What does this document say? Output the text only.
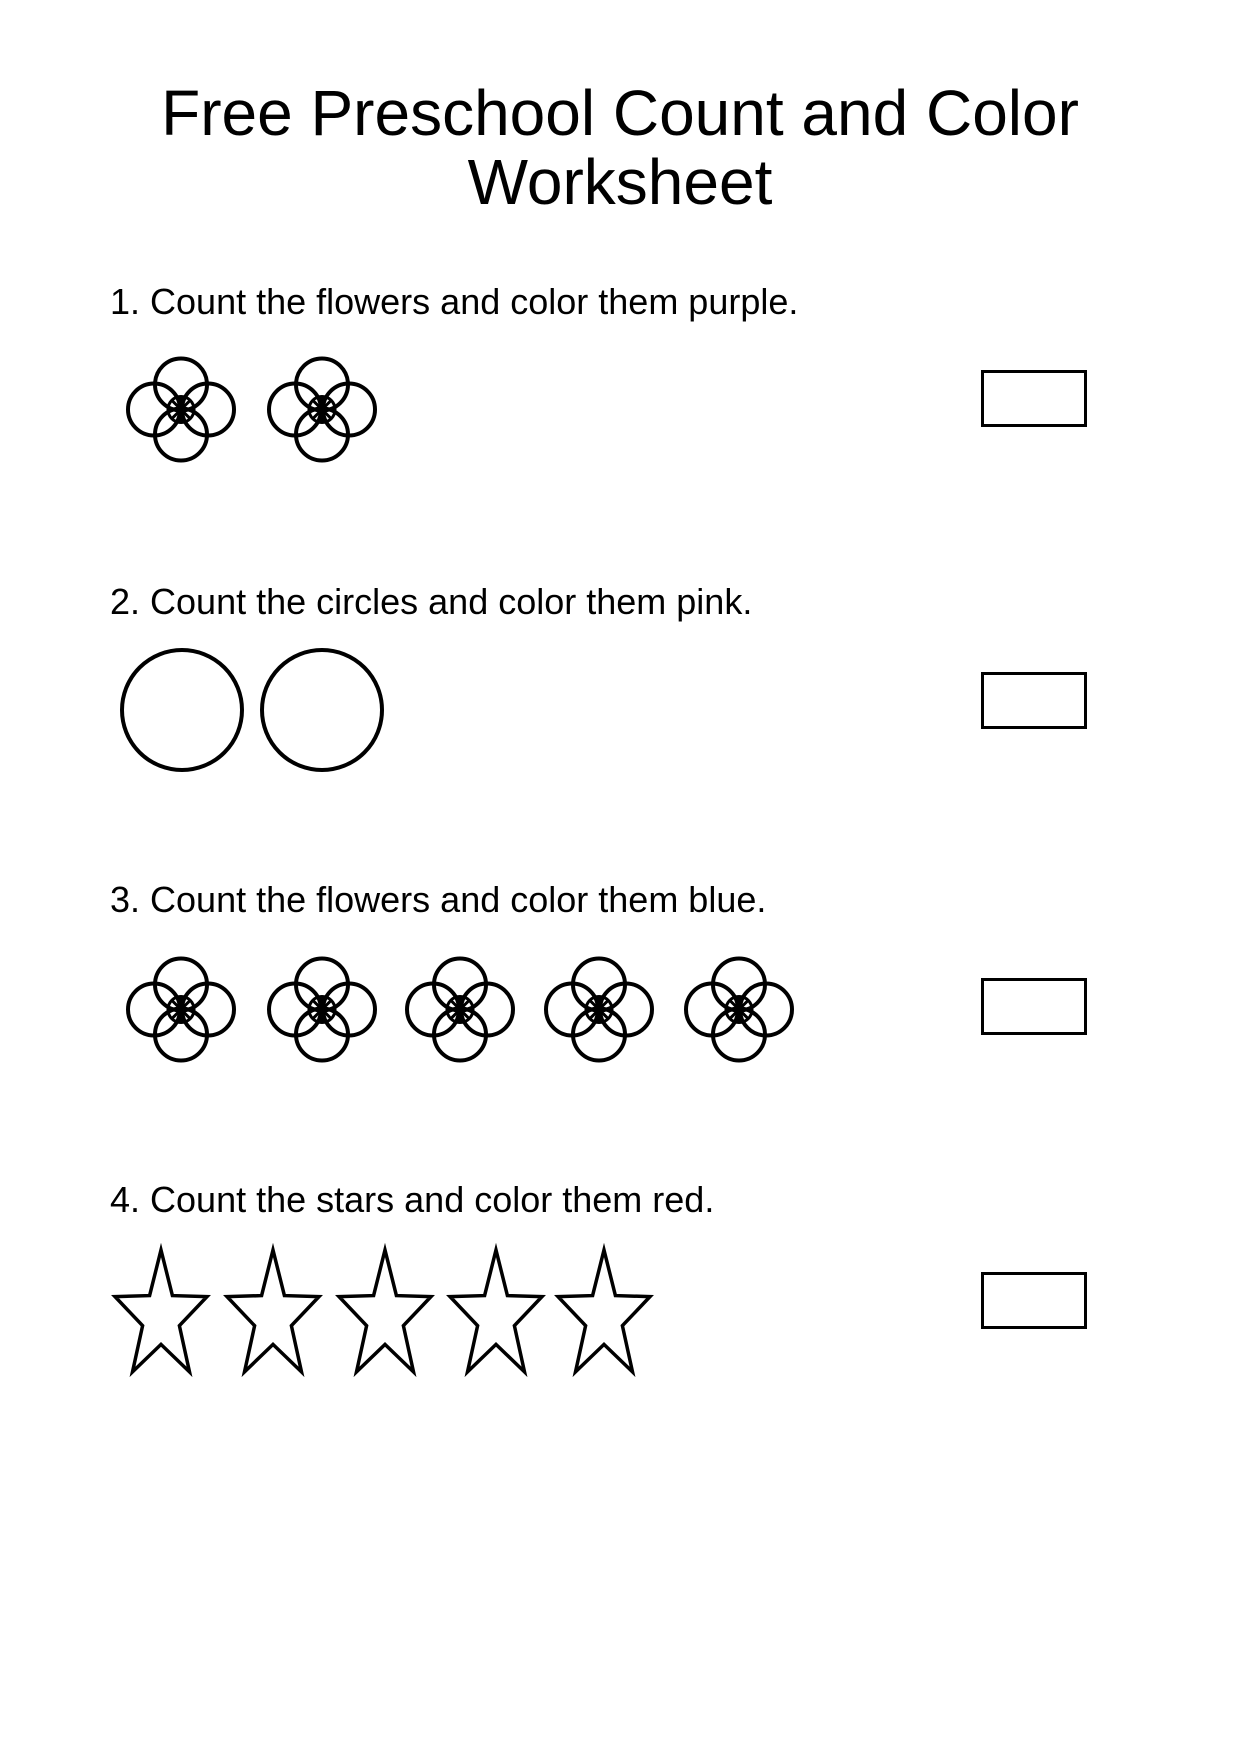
Free Preschool Count and Color
Worksheet

1. Count the flowers and color them purple.

2. Count the circles and color them pink.

3. Count the flowers and color them blue.

4. Count the stars and color them red.
